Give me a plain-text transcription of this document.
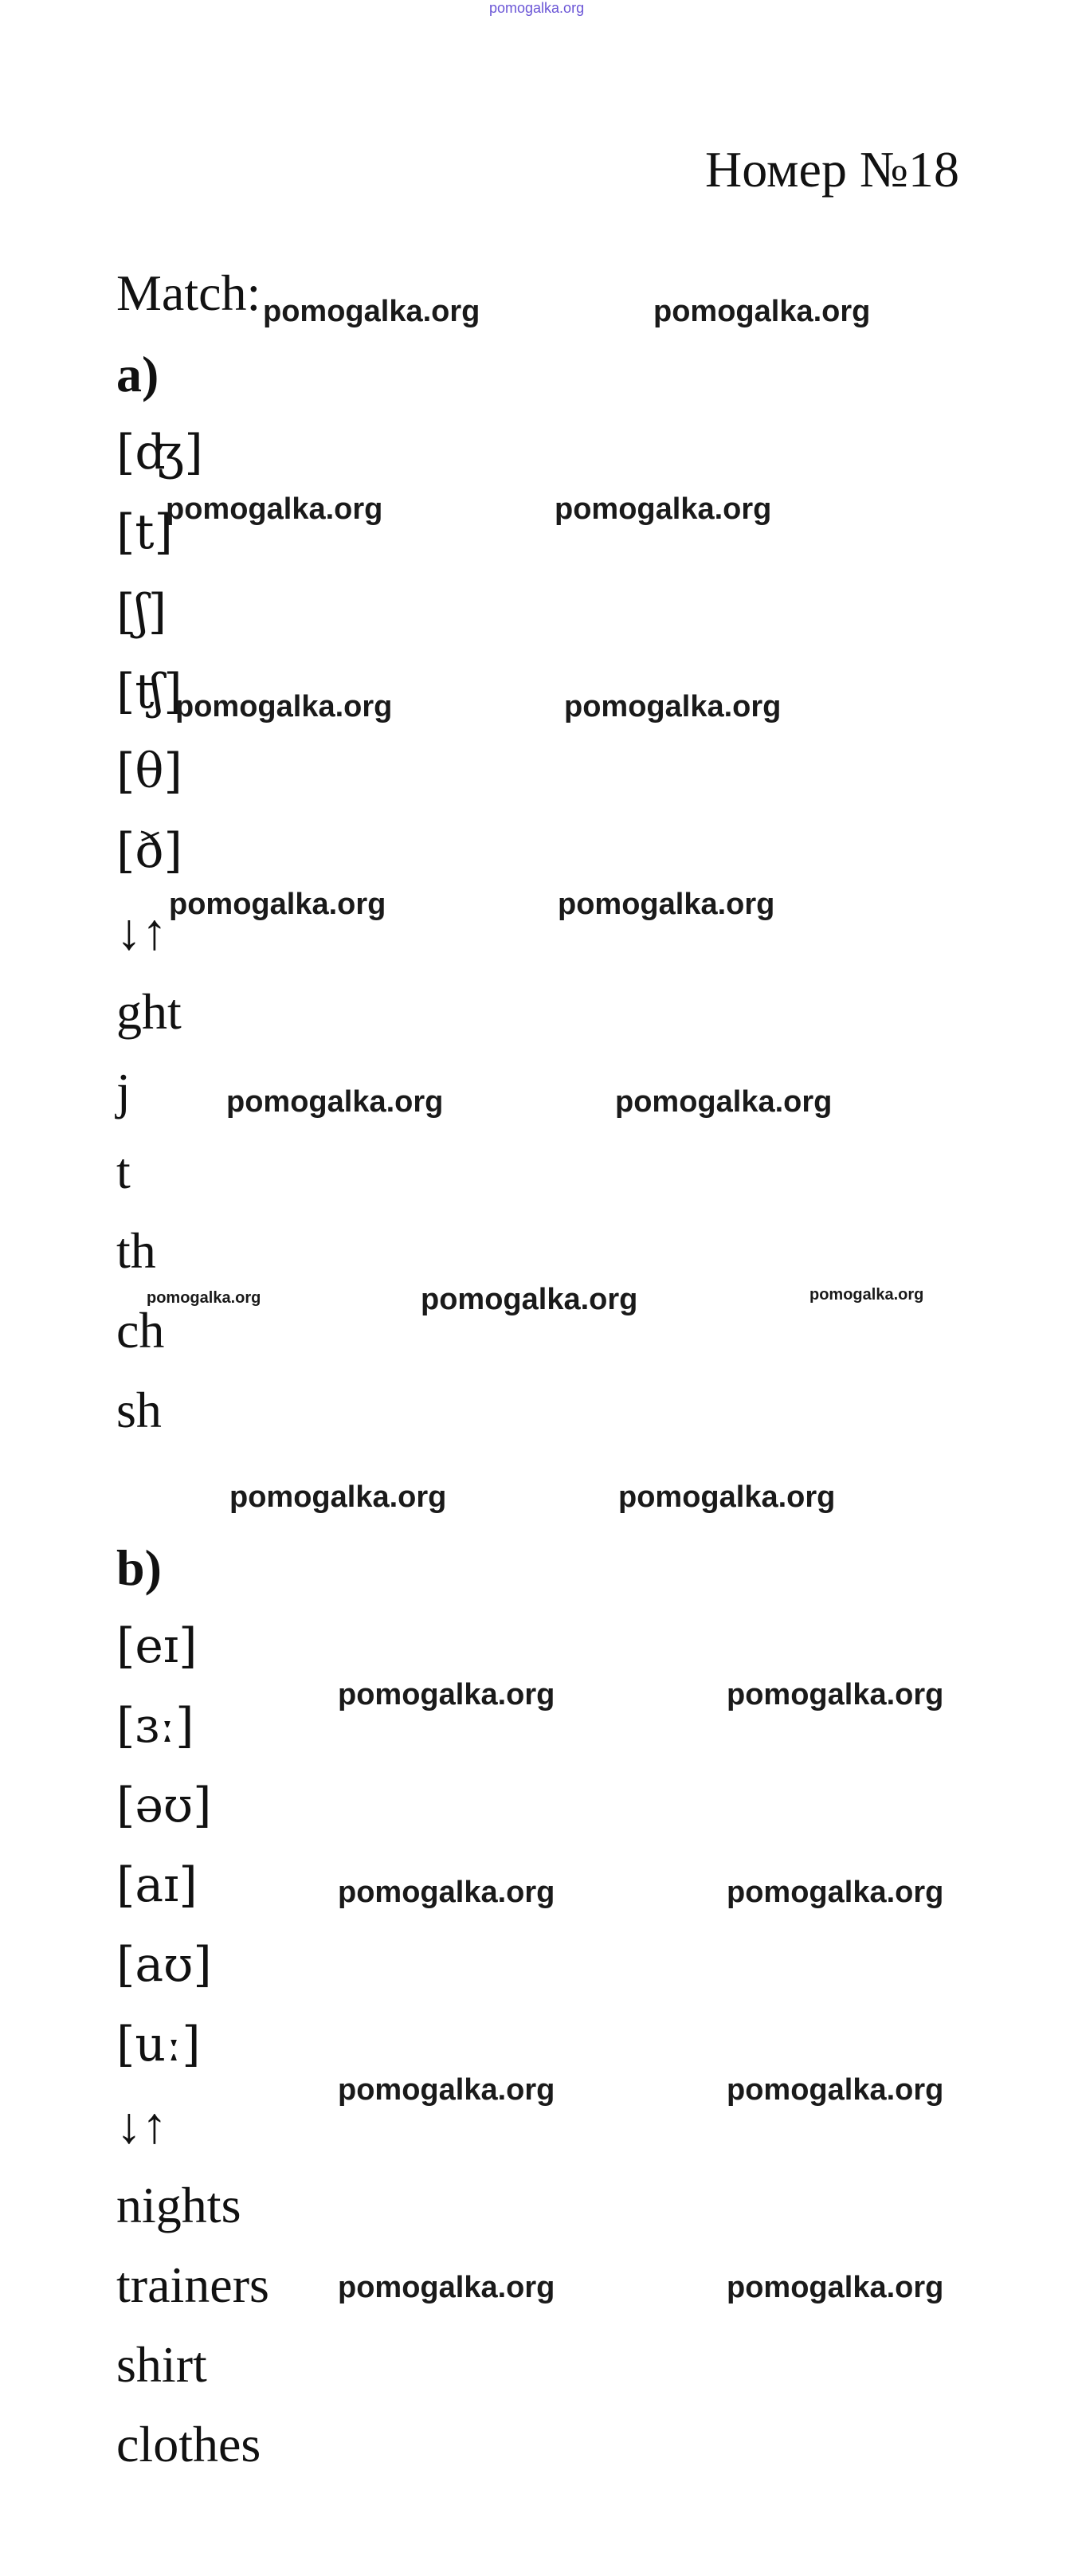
pomogalka.org
Номер №18
Match:
a)
[ʤ]
[t]
[ʃ]
[ʧ]
[θ]
[ð]
↓↑
ght
j
t
th
ch
sh
b)
[eɪ]
[ɜː]
[əʊ]
[aɪ]
[aʊ]
[uː]
↓↑
nights
trainers
shirt
clothes
pomogalka.org	pomogalka.org
pomogalka.org	pomogalka.org
pomogalka.org	pomogalka.org
pomogalka.org	pomogalka.org
pomogalka.org	pomogalka.org
pomogalka.org	pomogalka.org	pomogalka.org
pomogalka.org	pomogalka.org
pomogalka.org	pomogalka.org
pomogalka.org	pomogalka.org
pomogalka.org	pomogalka.org
pomogalka.org	pomogalka.org
